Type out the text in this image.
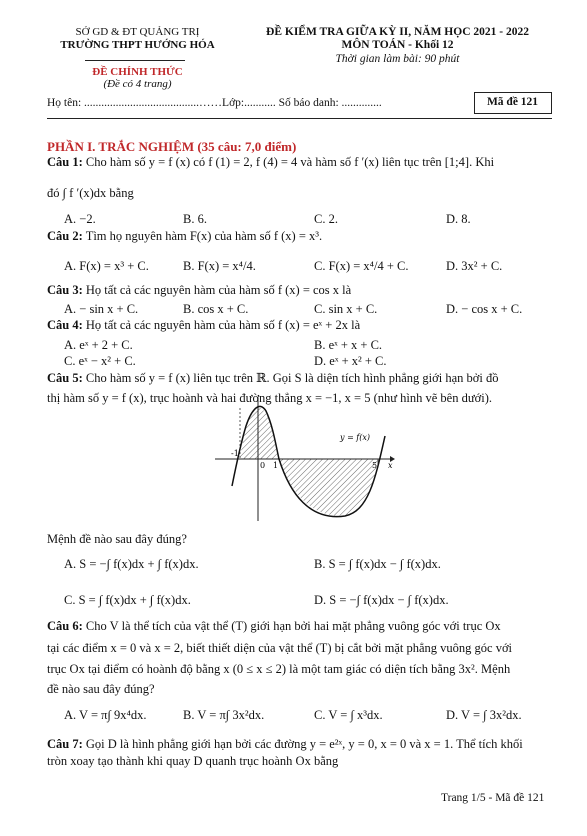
SỞ GD & ĐT QUẢNG TRỊ
TRƯỜNG THPT HƯỚNG HÓA
ĐỀ CHÍNH THỨC
(Đề có 4 trang)
ĐỀ KIỂM TRA GIỮA KỲ II, NĂM HỌC 2021 - 2022
MÔN TOÁN - Khối 12
Thời gian làm bài: 90 phút
Họ tên: ........................................……Lớp:........... Số báo danh: ..............	Mã đề 121
PHẦN I. TRẮC NGHIỆM (35 câu: 7,0 điểm)
Câu 1: Cho hàm số y = f (x) có f (1) = 2, f (4) = 4 và hàm số f ′(x) liên tục trên [1;4]. Khi
đó ∫ f ′(x)dx bằng
A. −2.	B. 6.	C. 2.	D. 8.
Câu 2: Tìm họ nguyên hàm F(x) của hàm số f (x) = x³.
A. F(x) = x³ + C.	B. F(x) = x⁴/4.	C. F(x) = x⁴/4 + C.	D. 3x² + C.
Câu 3: Họ tất cả các nguyên hàm của hàm số f (x) = cos x là
A. − sin x + C.	B. cos x + C.	C. sin x + C.	D. − cos x + C.
Câu 4: Họ tất cả các nguyên hàm của hàm số f (x) = eˣ + 2x là
A. eˣ + 2 + C.	B. eˣ + x + C.
C. eˣ − x² + C.	D. eˣ + x² + C.
Câu 5: Cho hàm số y = f (x) liên tục trên ℝ. Gọi S là diện tích hình phẳng giới hạn bởi đồ
thị hàm số y = f (x), trục hoành và hai đường thẳng x = −1, x = 5 (như hình vẽ bên dưới).
-1
0 1	5 x
y = f(x)
Mệnh đề nào sau đây đúng?
A. S = −∫ f(x)dx + ∫ f(x)dx.	B. S = ∫ f(x)dx − ∫ f(x)dx.
C. S = ∫ f(x)dx + ∫ f(x)dx.	D. S = −∫ f(x)dx − ∫ f(x)dx.
Câu 6: Cho V là thể tích của vật thể (T) giới hạn bởi hai mặt phẳng vuông góc với trục Ox
tại các điểm x = 0 và x = 2, biết thiết diện của vật thể (T) bị cắt bởi mặt phẳng vuông góc với
trục Ox tại điểm có hoành độ bằng x (0 ≤ x ≤ 2) là một tam giác có diện tích bằng 3x². Mệnh
đề nào sau đây đúng?
A. V = π∫ 9x⁴dx.	B. V = π∫ 3x²dx.	C. V = ∫ x³dx.	D. V = ∫ 3x²dx.
Câu 7: Gọi D là hình phẳng giới hạn bởi các đường y = e²ˣ, y = 0, x = 0 và x = 1. Thể tích khối
tròn xoay tạo thành khi quay D quanh trục hoành Ox bằng
Trang 1/5 - Mã đề 121
